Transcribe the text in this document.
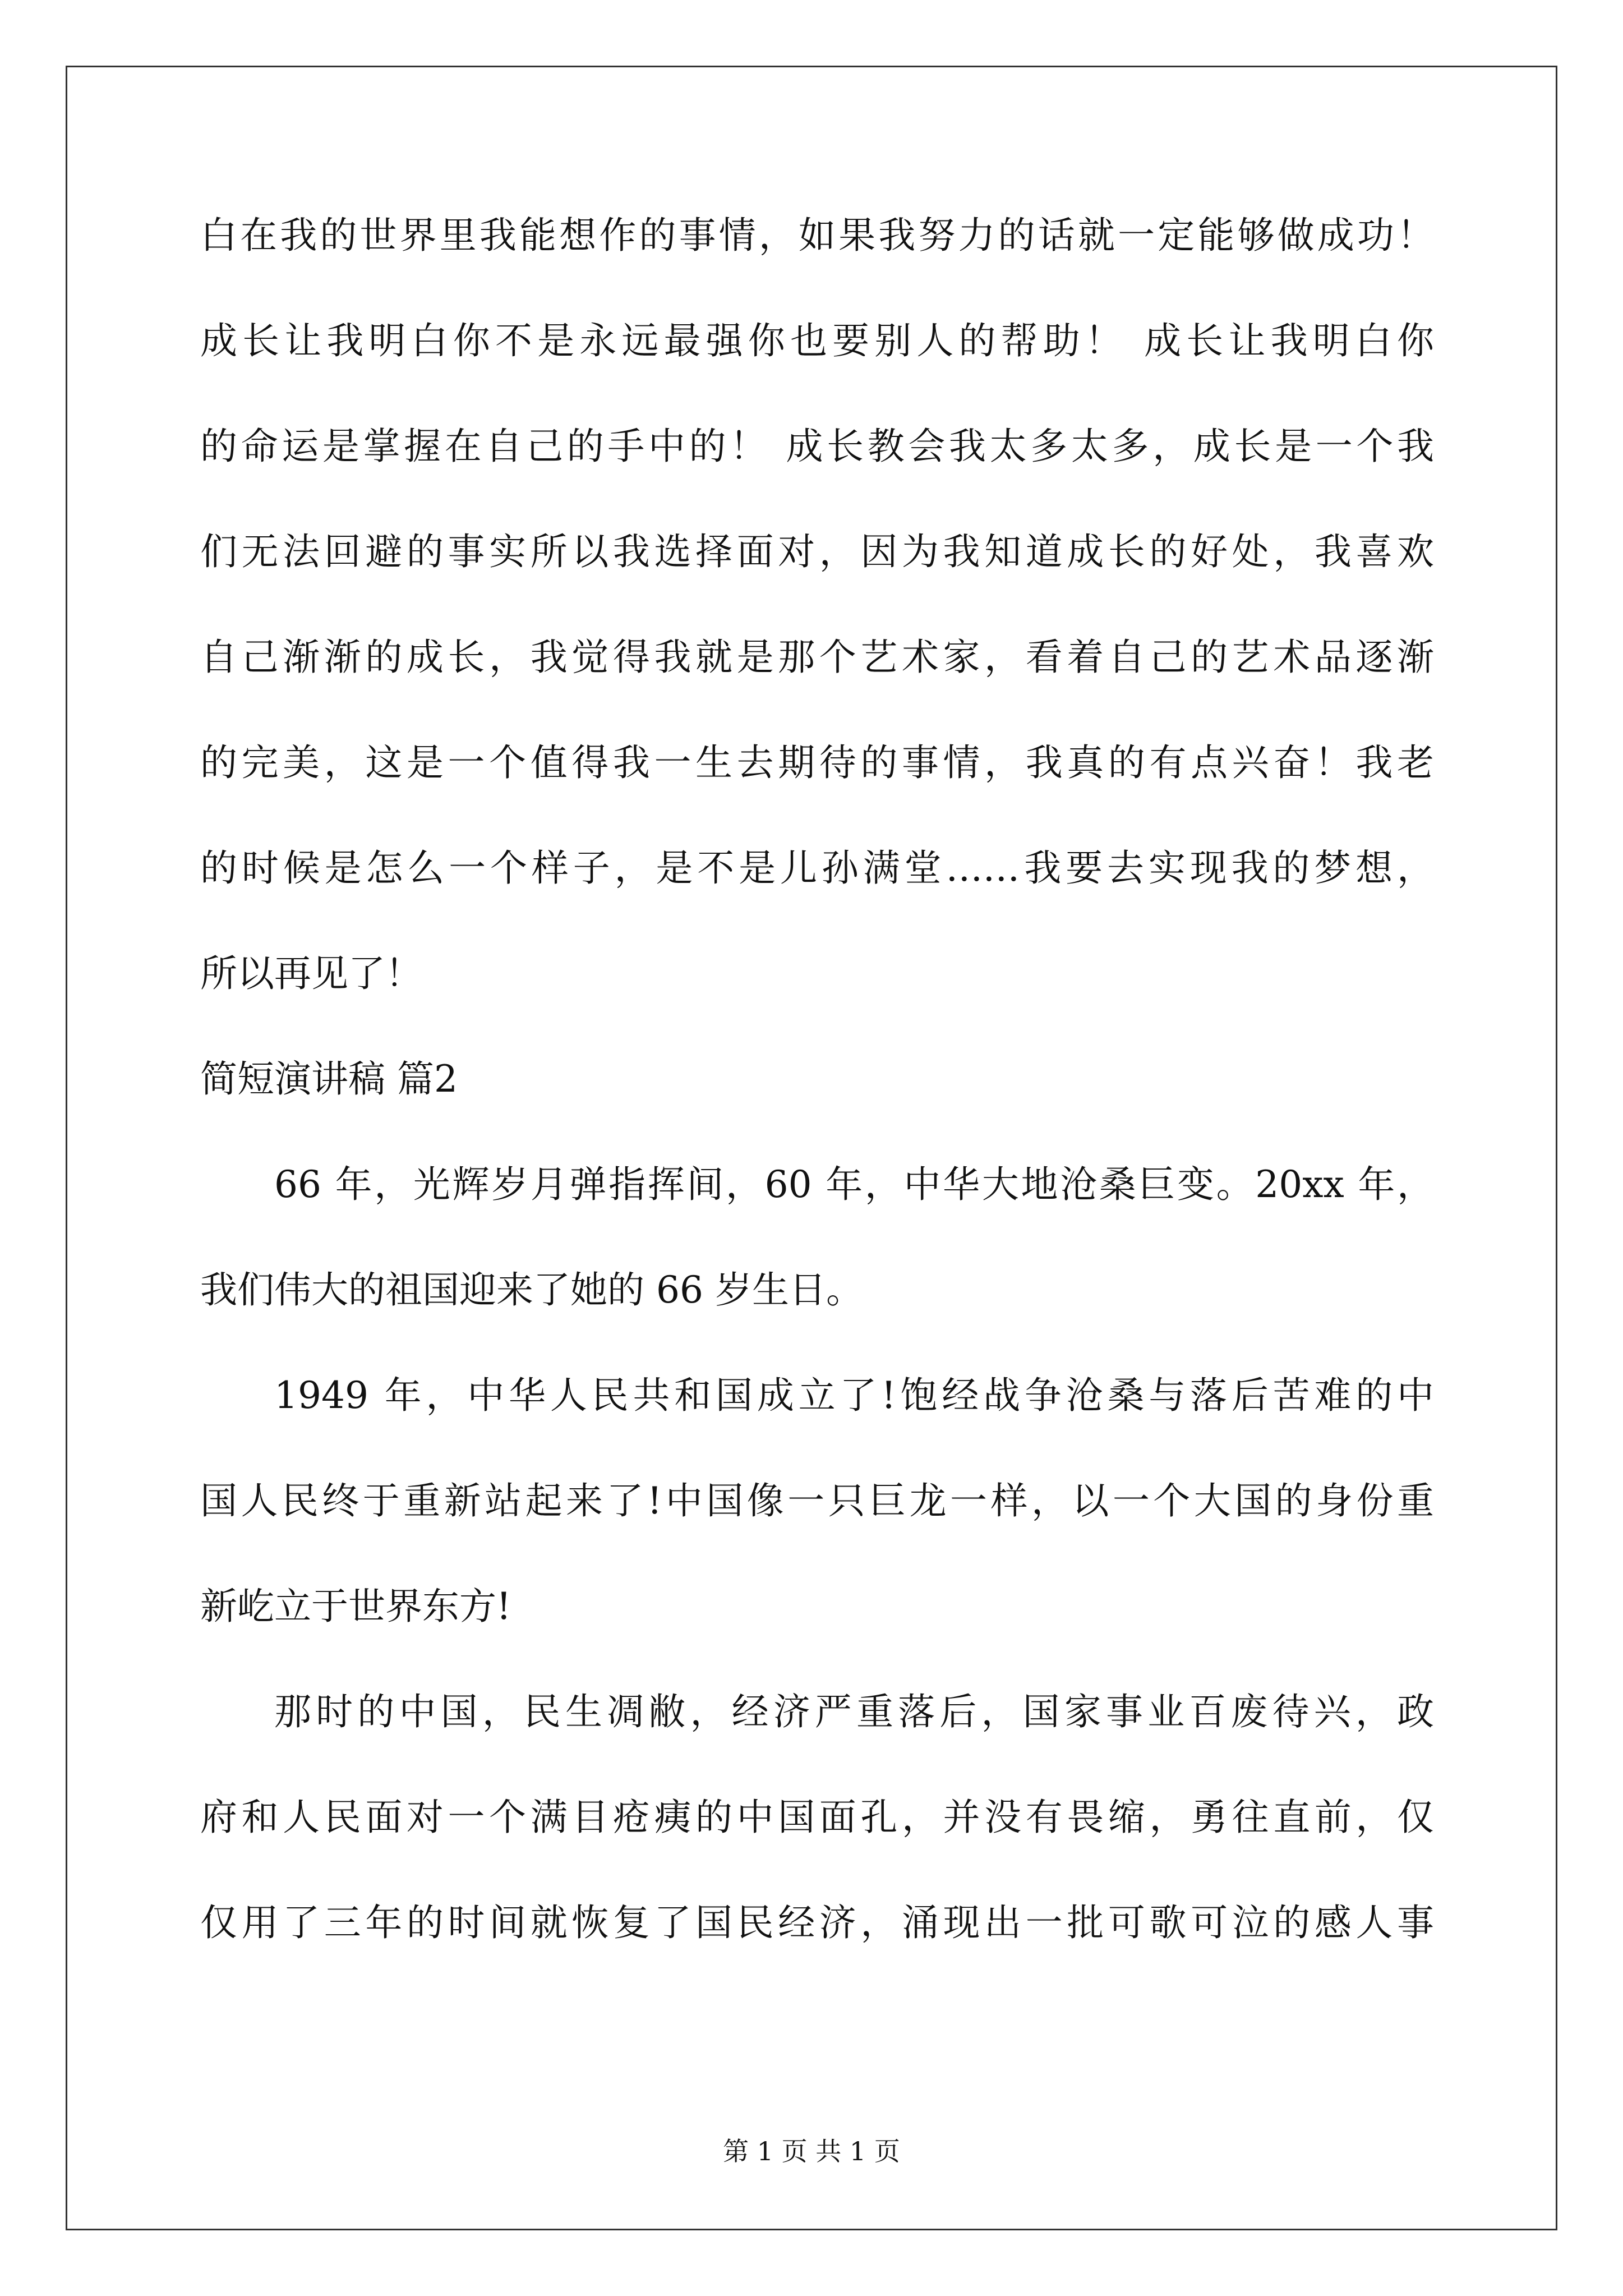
白在我的世界里我能想作的事情，如果我努力的话就一定能够做成功！
成长让我明白你不是永远最强你也要别人的帮助！ 成长让我明白你
的命运是掌握在自己的手中的！ 成长教会我太多太多，成长是一个我
们无法回避的事实所以我选择面对，因为我知道成长的好处，我喜欢
自己渐渐的成长，我觉得我就是那个艺术家，看着自己的艺术品逐渐
的完美，这是一个值得我一生去期待的事情，我真的有点兴奋！我老
的时候是怎么一个样子，是不是儿孙满堂……我要去实现我的梦想，
所以再见了！
简短演讲稿 篇2
66 年，光辉岁月弹指挥间，60 年，中华大地沧桑巨变。20xx 年，
我们伟大的祖国迎来了她的 66 岁生日。
1949 年，中华人民共和国成立了!饱经战争沧桑与落后苦难的中
国人民终于重新站起来了!中国像一只巨龙一样，以一个大国的身份重
新屹立于世界东方!
那时的中国，民生凋敝，经济严重落后，国家事业百废待兴，政
府和人民面对一个满目疮痍的中国面孔，并没有畏缩，勇往直前，仅
仅用了三年的时间就恢复了国民经济，涌现出一批可歌可泣的感人事
第 1 页 共 1 页
